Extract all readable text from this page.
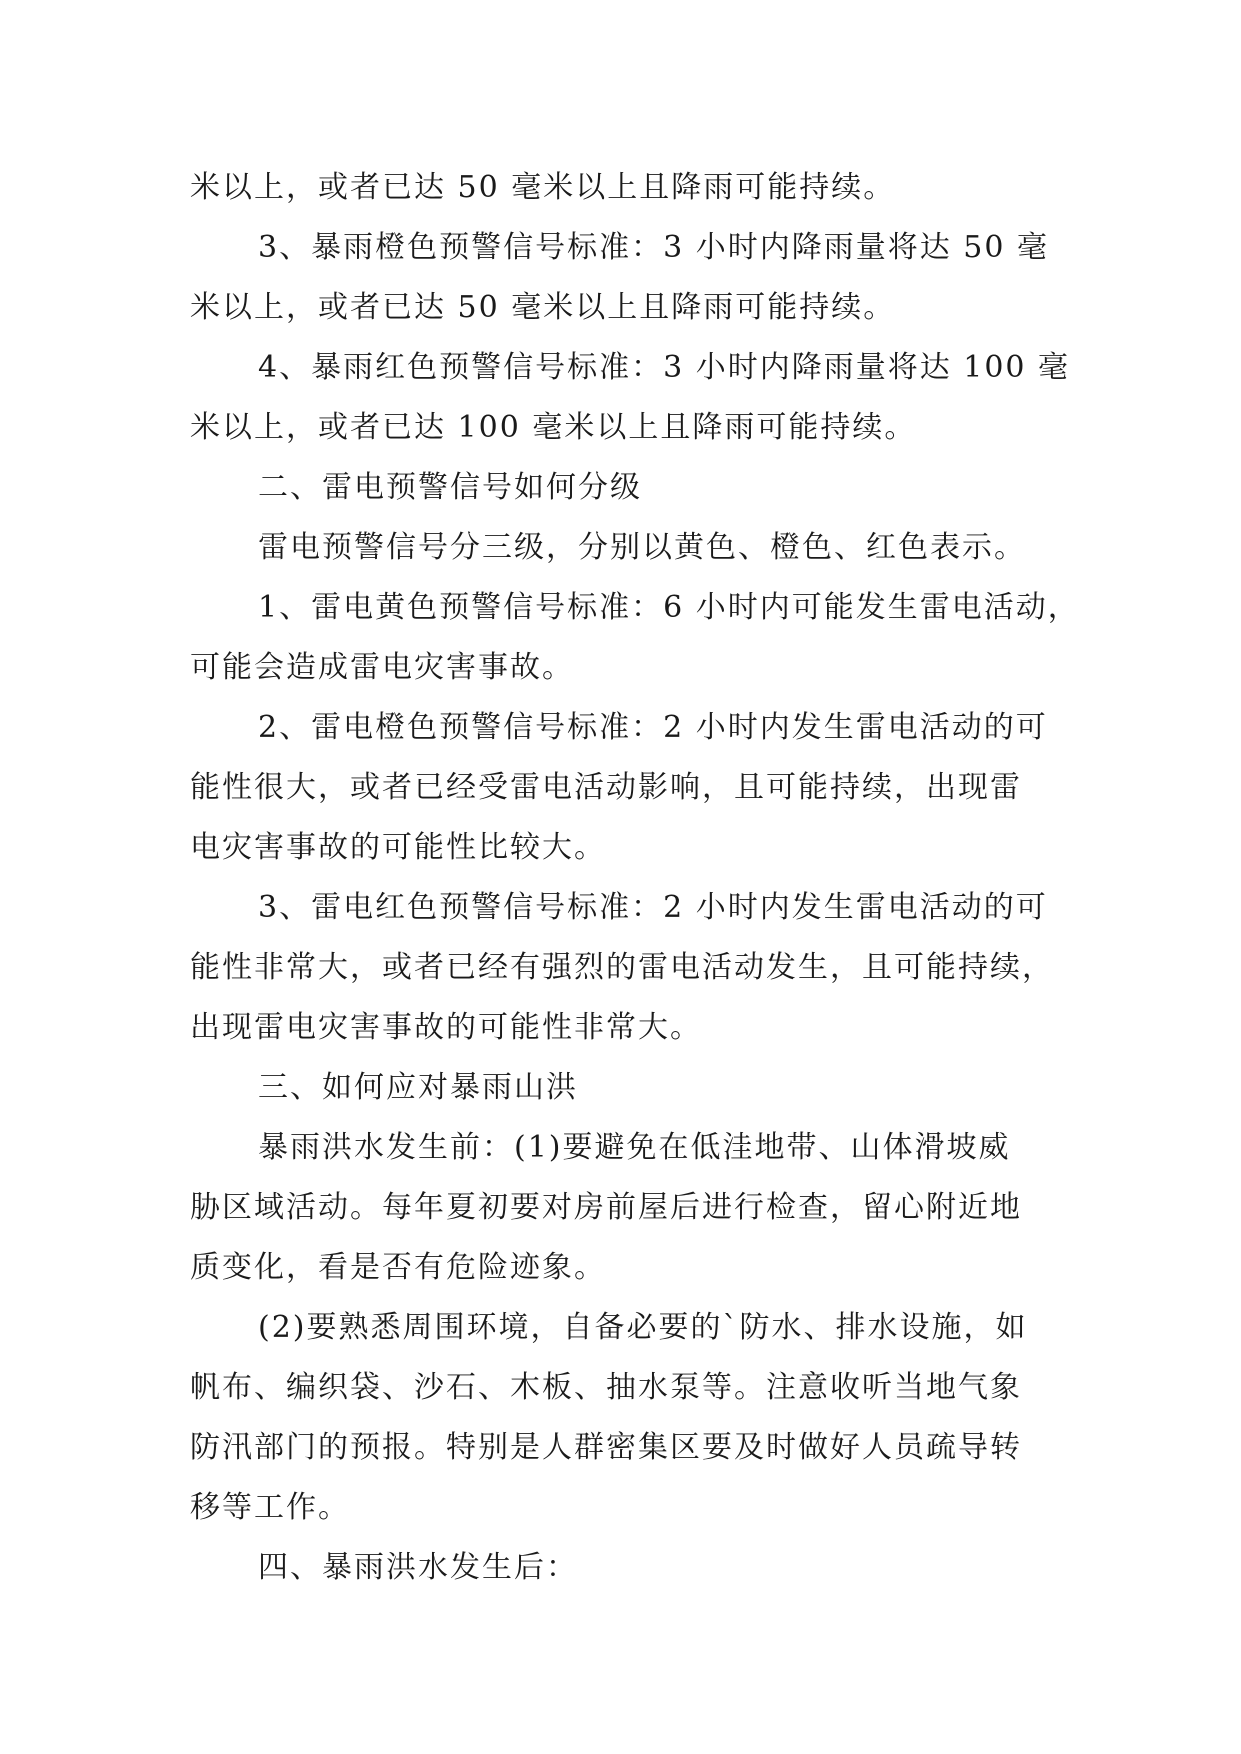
米以上，或者已达 50 毫米以上且降雨可能持续。

3、暴雨橙色预警信号标准：3 小时内降雨量将达 50 毫

米以上，或者已达 50 毫米以上且降雨可能持续。

4、暴雨红色预警信号标准：3 小时内降雨量将达 100 毫

米以上，或者已达 100 毫米以上且降雨可能持续。

二、雷电预警信号如何分级

雷电预警信号分三级，分别以黄色、橙色、红色表示。

1、雷电黄色预警信号标准：6 小时内可能发生雷电活动，

可能会造成雷电灾害事故。

2、雷电橙色预警信号标准：2 小时内发生雷电活动的可

能性很大，或者已经受雷电活动影响，且可能持续，出现雷

电灾害事故的可能性比较大。

3、雷电红色预警信号标准：2 小时内发生雷电活动的可

能性非常大，或者已经有强烈的雷电活动发生，且可能持续，

出现雷电灾害事故的可能性非常大。

三、如何应对暴雨山洪

暴雨洪水发生前：(1)要避免在低洼地带、山体滑坡威

胁区域活动。每年夏初要对房前屋后进行检查，留心附近地

质变化，看是否有危险迹象。

(2)要熟悉周围环境，自备必要的`防水、排水设施，如

帆布、编织袋、沙石、木板、抽水泵等。注意收听当地气象

防汛部门的预报。特别是人群密集区要及时做好人员疏导转

移等工作。

四、暴雨洪水发生后：
